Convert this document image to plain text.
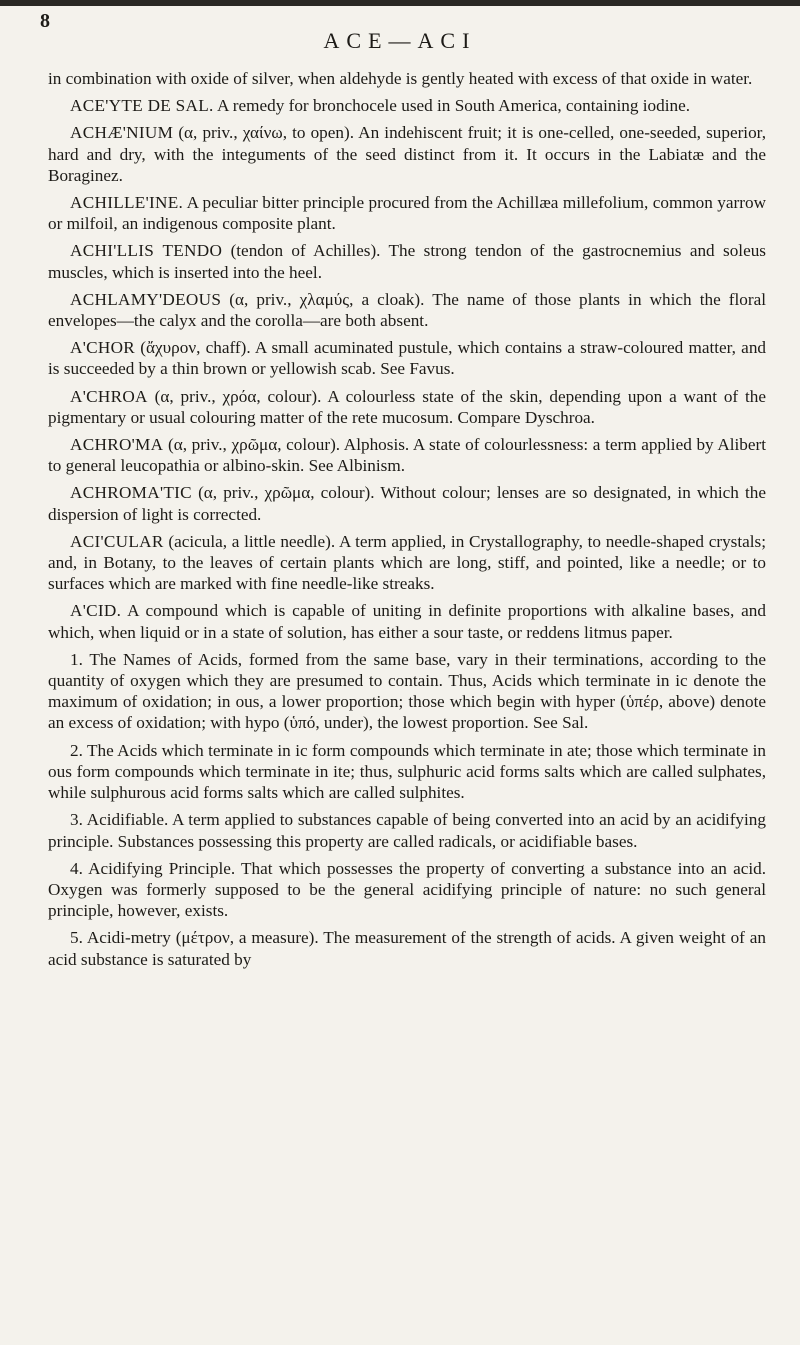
8
ACE—ACI

in combination with oxide of silver, when aldehyde is gently heated with excess of that oxide in water.

ACE'YTE DE SAL. A remedy for bronchocele used in South America, containing iodine.

ACHÆ'NIUM (α, priv., χαίνω, to open). An indehiscent fruit; it is one-celled, one-seeded, superior, hard and dry, with the integuments of the seed distinct from it. It occurs in the Labiatæ and the Boraginez.

ACHILLE'INE. A peculiar bitter principle procured from the Achillæa millefolium, common yarrow or milfoil, an indigenous composite plant.

ACHI'LLIS TENDO (tendon of Achilles). The strong tendon of the gastrocnemius and soleus muscles, which is inserted into the heel.

ACHLAMY'DEOUS (α, priv., χλαμύς, a cloak). The name of those plants in which the floral envelopes—the calyx and the corolla—are both absent.

A'CHOR (ἄχυρον, chaff). A small acuminated pustule, which contains a straw-coloured matter, and is succeeded by a thin brown or yellowish scab. See Favus.

A'CHROA (α, priv., χρόα, colour). A colourless state of the skin, depending upon a want of the pigmentary or usual colouring matter of the rete mucosum. Compare Dyschroa.

ACHRO'MA (α, priv., χρῶμα, colour). Alphosis. A state of colourlessness: a term applied by Alibert to general leucopathia or albino-skin. See Albinism.

ACHROMA'TIC (α, priv., χρῶμα, colour). Without colour; lenses are so designated, in which the dispersion of light is corrected.

ACI'CULAR (acicula, a little needle). A term applied, in Crystallography, to needle-shaped crystals; and, in Botany, to the leaves of certain plants which are long, stiff, and pointed, like a needle; or to surfaces which are marked with fine needle-like streaks.

A'CID. A compound which is capable of uniting in definite proportions with alkaline bases, and which, when liquid or in a state of solution, has either a sour taste, or reddens litmus paper.

1. The Names of Acids, formed from the same base, vary in their terminations, according to the quantity of oxygen which they are presumed to contain. Thus, Acids which terminate in ic denote the maximum of oxidation; in ous, a lower proportion; those which begin with hyper (ὑπέρ, above) denote an excess of oxidation; with hypo (ὑπό, under), the lowest proportion. See Sal.

2. The Acids which terminate in ic form compounds which terminate in ate; those which terminate in ous form compounds which terminate in ite; thus, sulphuric acid forms salts which are called sulphates, while sulphurous acid forms salts which are called sulphites.

3. Acidifiable. A term applied to substances capable of being converted into an acid by an acidifying principle. Substances possessing this property are called radicals, or acidifiable bases.

4. Acidifying Principle. That which possesses the property of converting a substance into an acid. Oxygen was formerly supposed to be the general acidifying principle of nature: no such general principle, however, exists.

5. Acidi-metry (μέτρον, a measure). The measurement of the strength of acids. A given weight of an acid substance is saturated by
